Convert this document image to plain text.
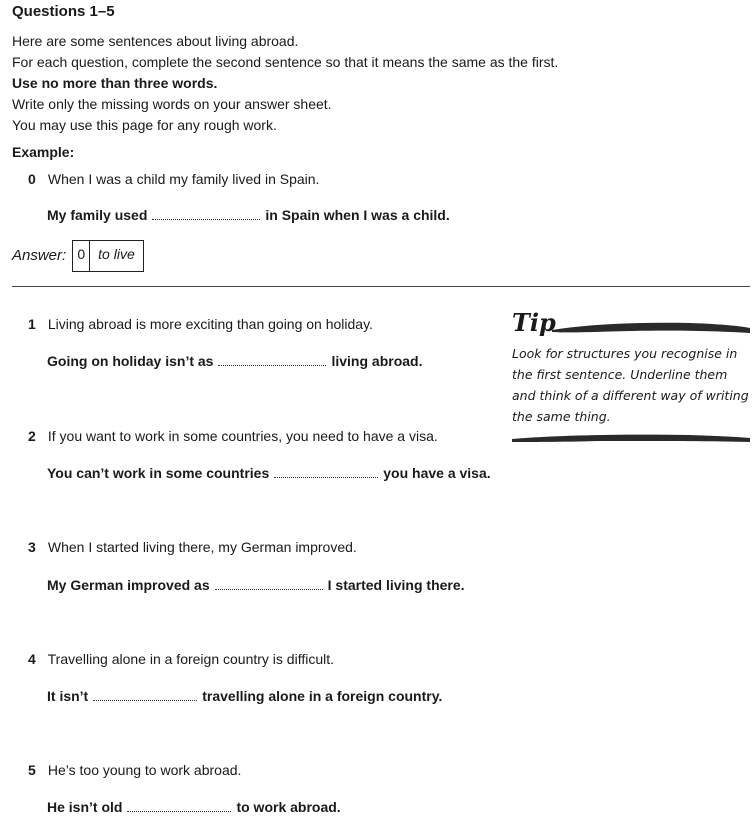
Questions 1–5
Here are some sentences about living abroad.
For each question, complete the second sentence so that it means the same as the first.
Use no more than three words.
Write only the missing words on your answer sheet.
You may use this page for any rough work.
Example:
0 When I was a child my family lived in Spain.
My family used	in Spain when I was a child.
Answer: 0 to live
1 Living abroad is more exciting than going on holiday.
Going on holiday isn’t as	living abroad.
2 If you want to work in some countries, you need to have a visa.
You can’t work in some countries	you have a visa.
3 When I started living there, my German improved.
My German improved as	I started living there.
4 Travelling alone in a foreign country is difficult.
It isn’t	travelling alone in a foreign country.
5 He’s too young to work abroad.
He isn’t old	to work abroad.
Tip
Look for structures you recognise in the first sentence. Underline them and think of a different way of writing the same thing.
